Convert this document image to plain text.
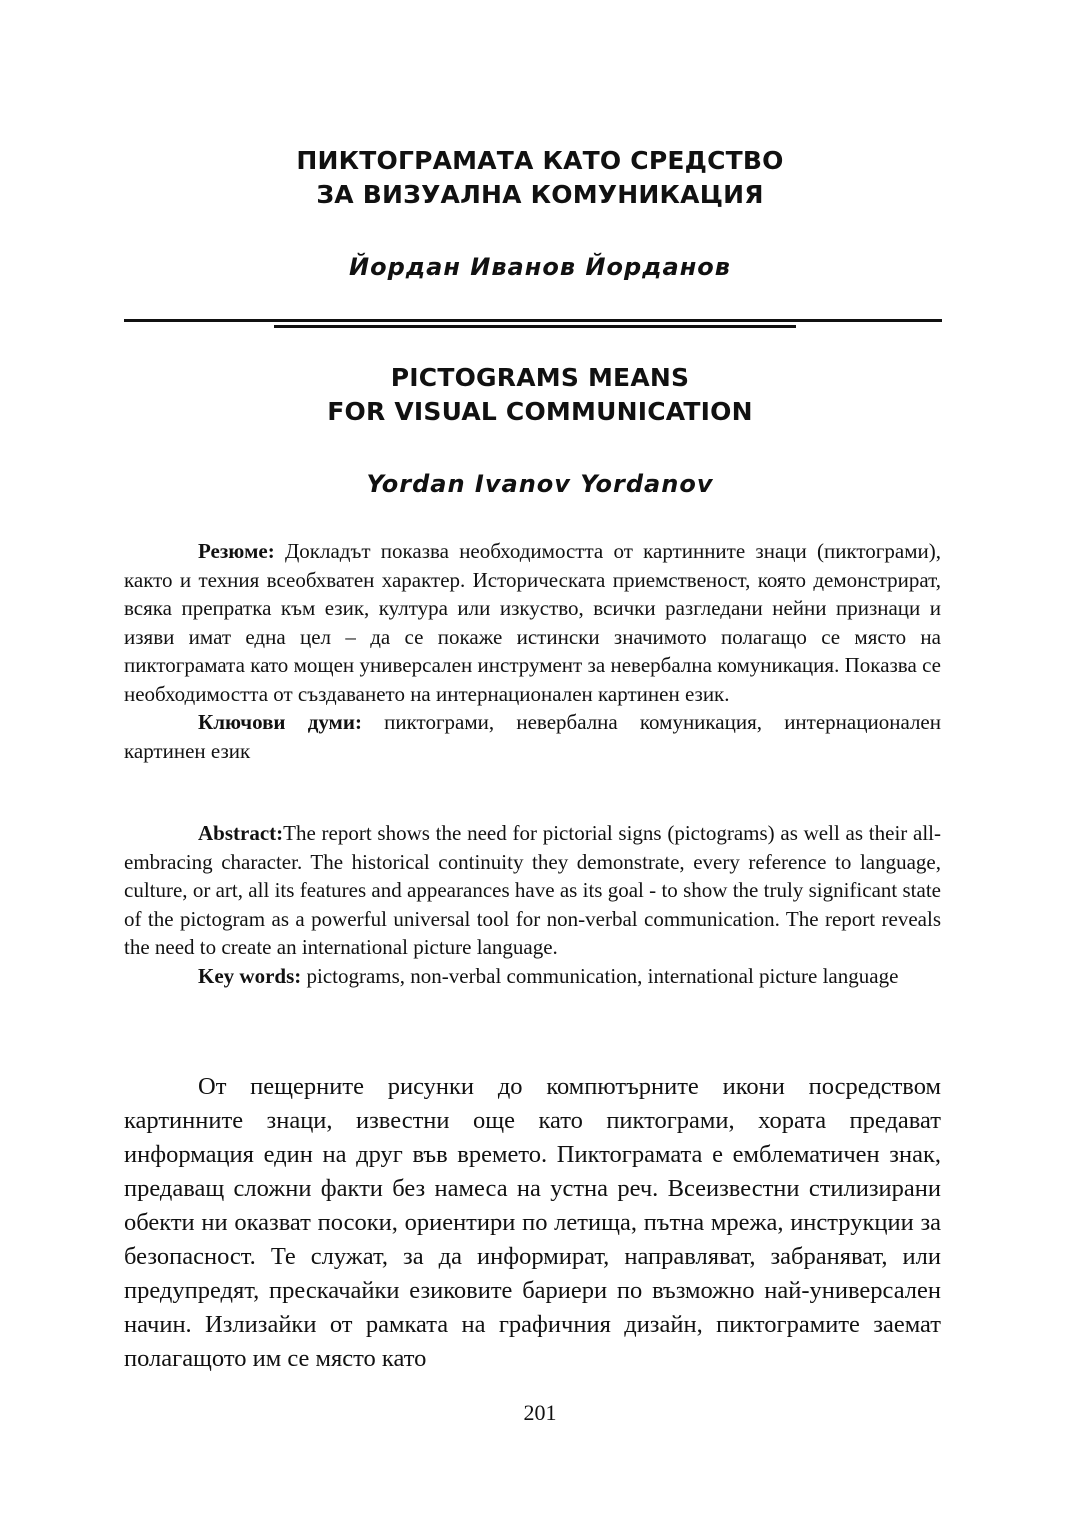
ПИКТОГРАМАТА КАТО СРЕДСТВО
ЗА ВИЗУАЛНА КОМУНИКАЦИЯ
Йордан Иванов Йорданов
PICTOGRAMS MEANS
FOR VISUAL COMMUNICATION
Yordan Ivanov Yordanov

Резюме: Докладът показва необходимостта от картинните знаци (пиктограми), както и техния всеобхватен характер. Историческата приемственост, която демонстрират, всяка препратка към език, култура или изкуство, всички разгледани нейни признаци и изяви имат една цел – да се покаже истински значимото полагащо се място на пиктограмата като мощен универсален инструмент за невербална комуникация. Показва се необходимостта от създаването на интернационален картинен език.

Ключови думи: пиктограми, невербална комуникация, интернационален картинен език

Abstract:The report shows the need for pictorial signs (pictograms) as well as their all-embracing character. The historical continuity they demonstrate, every reference to language, culture, or art, all its features and appearances have as its goal - to show the truly significant state of the pictogram as a powerful universal tool for non-verbal communication. The report reveals the need to create an international picture language.

Key words: pictograms, non-verbal communication, international picture language

От пещерните рисунки до компютърните икони посредством картинните знаци, известни още като пиктограми, хората предават информация един на друг във времето. Пиктограмата е емблематичен знак, предаващ сложни факти без намеса на устна реч. Всеизвестни стилизирани обекти ни оказват посоки, ориентири по летища, пътна мрежа, инструкции за безопасност. Те служат, за да информират, направляват, забраняват, или предупредят, прескачайки езиковите бариери по възможно най-универсален начин. Излизайки от рамката на графичния дизайн, пиктограмите заемат полагащото им се място като

201
